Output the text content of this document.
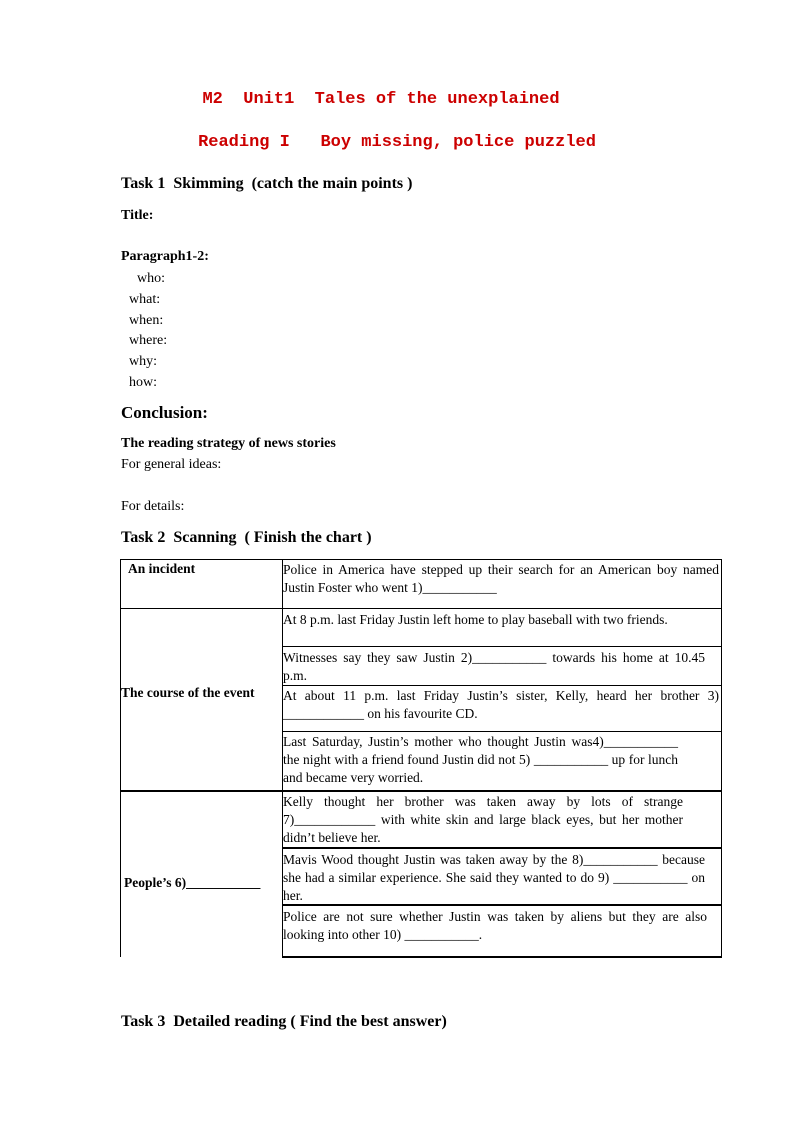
M2  Unit1  Tales of the unexplained
Reading I   Boy missing, police puzzled
Task 1  Skimming  (catch the main points )
Title:
Paragraph1-2:
who:
what:
when:
where:
why:
how:
Conclusion:
The reading strategy of news stories
For general ideas:
For details:
Task 2  Scanning  ( Finish the chart )
An incident
The course of the event
People’s 6)___________
Police in America have stepped up their search for an American boy named Justin Foster who went 1)___________
At 8 p.m. last Friday Justin left home to play baseball with two friends.
Witnesses say they saw Justin 2)___________ towards his home at 10.45 p.m.
At about 11 p.m. last Friday Justin’s sister, Kelly, heard her brother 3) ____________ on his favourite CD.
Last Saturday, Justin’s mother who thought Justin was4)___________ the night with a friend found Justin did not 5) ___________ up for lunch and became very worried.
Kelly thought her brother was taken away by lots of strange 7)____________ with white skin and large black eyes, but her mother didn’t believe her.
Mavis Wood thought Justin was taken away by the 8)___________ because she had a similar experience. She said they wanted to do 9) ___________ on her.
Police are not sure whether Justin was taken by aliens but they are also looking into other 10) ___________.
Task 3  Detailed reading ( Find the best answer)
